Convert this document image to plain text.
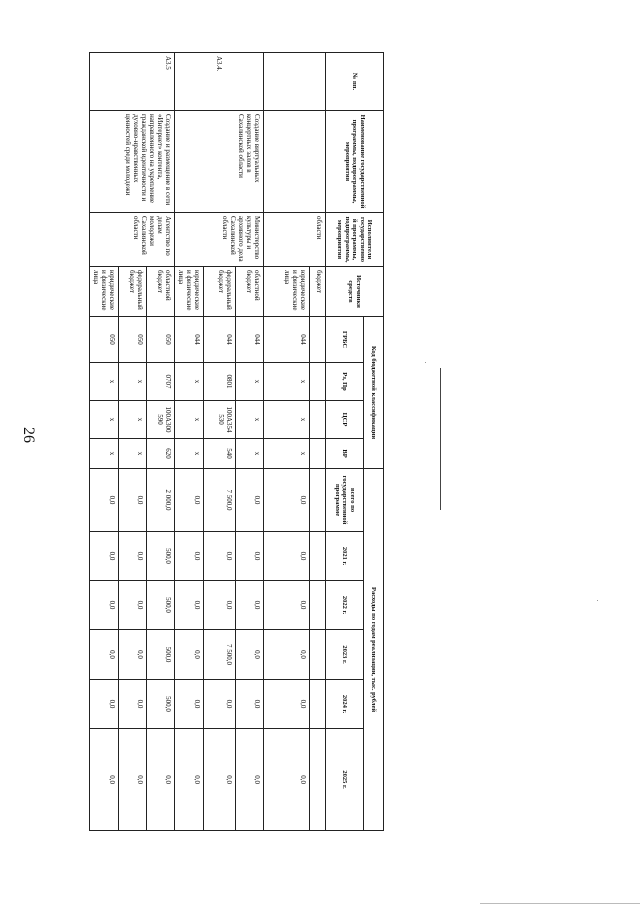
26
№ пп.	Наименование государственной программы, подпрограммы, мероприятия	Исполнители государственной программы, подпрограммы, мероприятия	Источники средств	Код бюджетной классификации				Расходы по годам реализации, тыс. рублей					
				ГРБС	Рз, Пр	ЦСР	ВР	всего по государственной программе	2021 г.	2022 г.	2023 г.	2024 г.	2025 г.
		области	бюджет										
			юридические и физические лица	044	x	x	x	0,0	0,0	0,0	0,0	0,0	0,0
А3.4.	Создание виртуальных концертных залов в Сахалинской области	Министерство культуры и архивного дела Сахалинской области	областной бюджет	044	x	x	x	0,0	0,0	0,0	0,0	0,0	0,0
			федеральный бюджет	044	0801	100A354 530	540	7 500,0	0,0	0,0	7 500,0	0,0	0,0
			юридические и физические лица	044	x	x	x	0,0	0,0	0,0	0,0	0,0	0,0
А3.5	Создание и размещение в сети «Интернет» контента, направленного на укрепление гражданской идентичности и духовно-нравственных ценностей среди молодежи	Агентство по делам молодежи Сахалинской области	областной бюджет	050	0707	100A300 590	620	2 000,0	500,0	500,0	500,0	500,0	0,0
			федеральный бюджет	050	x	x	x	0,0	0,0	0,0	0,0	0,0	0,0
			юридические и физические лица	050	x	x	x	0,0	0,0	0,0	0,0	0,0	0,0
